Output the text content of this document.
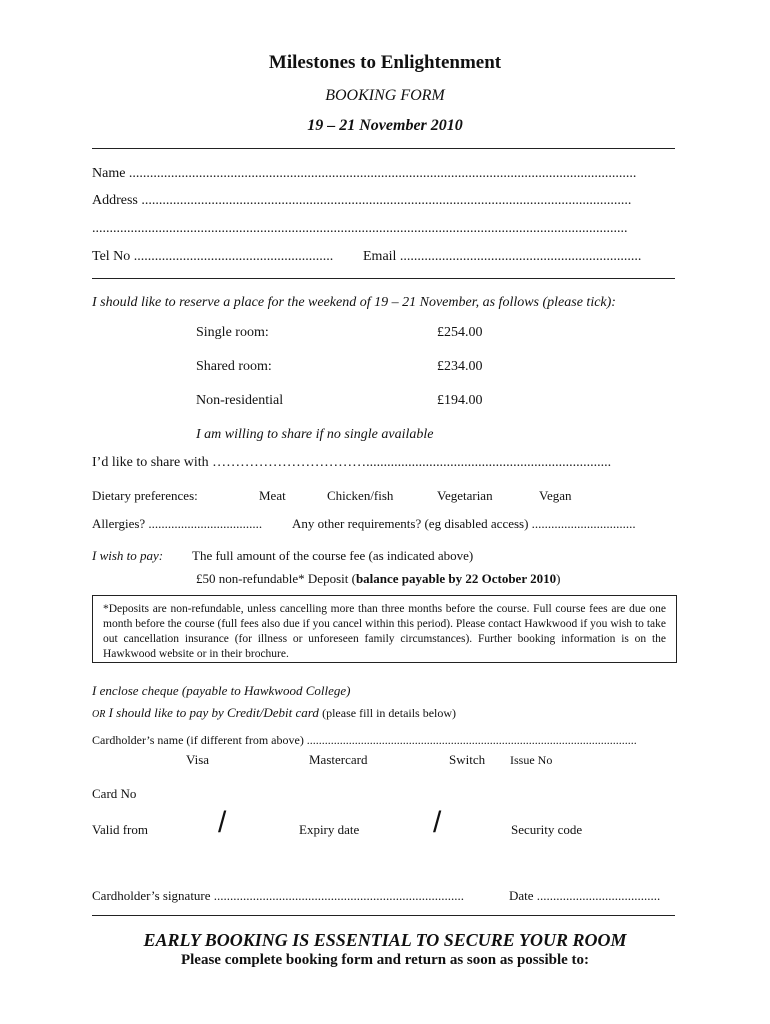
Milestones to Enlightenment
BOOKING FORM
19 – 21 November 2010
Name .................................................................................................................................................
Address ............................................................................................................................................
.........................................................................................................................................................
Tel No ......................................................... Email .....................................................................
I should like to reserve a place for the weekend of 19 – 21 November, as follows (please tick):
Single room:	£254.00
Shared room:	£234.00
Non-residential	£194.00
I am willing to share if no single available
I’d like to share with ……………………………......................................................................
Dietary preferences:	Meat	Chicken/fish	Vegetarian	Vegan
Allergies? ................................... Any other requirements? (eg disabled access) ................................
I wish to pay: The full amount of the course fee (as indicated above)
£50 non-refundable* Deposit (balance payable by 22 October 2010)
*Deposits are non-refundable, unless cancelling more than three months before the course. Full course fees are due one month before the course (full fees also due if you cancel within this period). Please contact Hawkwood if you wish to take out cancellation insurance (for illness or unforeseen family circumstances). Further booking information is on the Hawkwood website or in their brochure.
I enclose cheque (payable to Hawkwood College)
OR I should like to pay by Credit/Debit card (please fill in details below)
Cardholder’s name (if different from above) ..............................................................................................................
Visa	Mastercard	Switch Issue No
Card No
Valid from /	Expiry date /	Security code
Cardholder’s signature .............................................................................	Date ......................................
EARLY BOOKING IS ESSENTIAL TO SECURE YOUR ROOM
Please complete booking form and return as soon as possible to:
